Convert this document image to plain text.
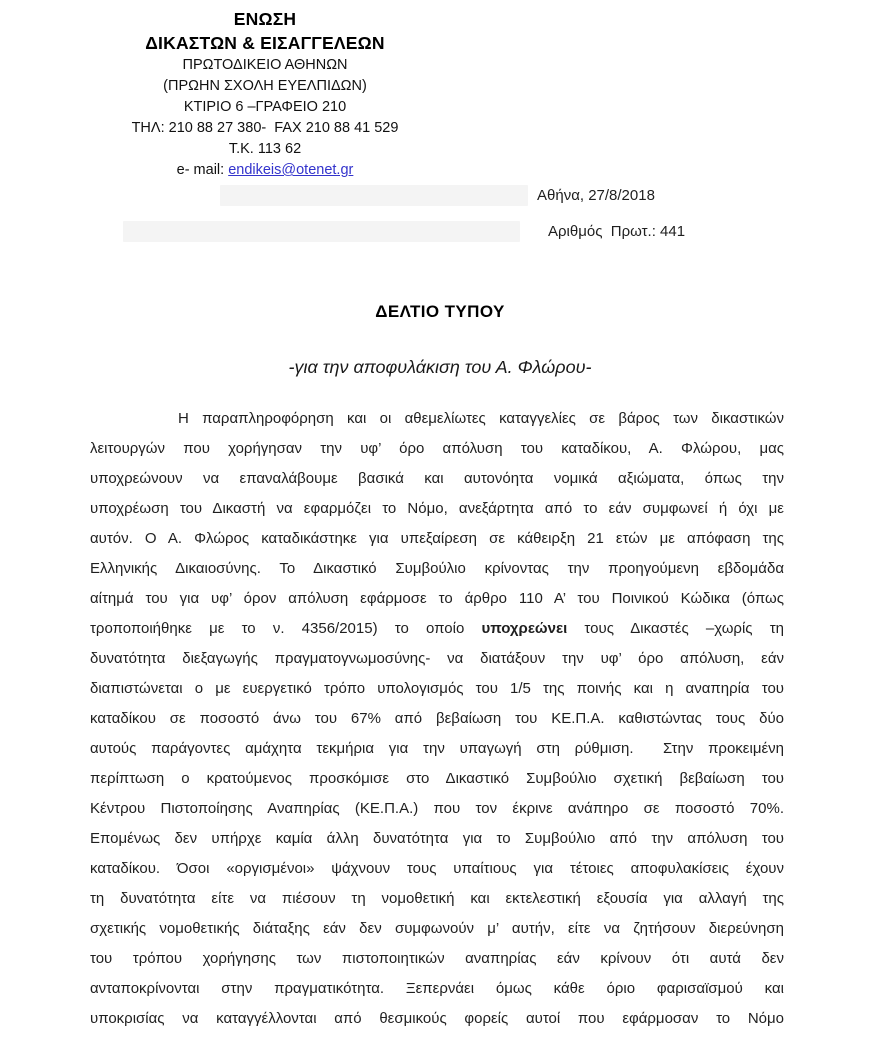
ΕΝΩΣΗ
ΔΙΚΑΣΤΩΝ & ΕΙΣΑΓΓΕΛΕΩΝ
ΠΡΩΤΟΔΙΚΕΙΟ ΑΘΗΝΩΝ
(ΠΡΩΗΝ ΣΧΟΛΗ ΕΥΕΛΠΙΔΩΝ)
ΚΤΙΡΙΟ 6 –ΓΡΑΦΕΙΟ 210
ΤΗΛ: 210 88 27 380-  FAX 210 88 41 529
Τ.Κ. 113 62
e- mail: endikeis@otenet.gr
Αθήνα, 27/8/2018
Αριθμός  Πρωτ.: 441
ΔΕΛΤΙΟ ΤΥΠΟΥ
-για την αποφυλάκιση του Α. Φλώρου-
Η παραπληροφόρηση και οι αθεμελίωτες καταγγελίες σε βάρος των δικαστικών
λειτουργών που χορήγησαν την υφ’ όρο απόλυση του καταδίκου, Α. Φλώρου, μας
υποχρεώνουν να επαναλάβουμε βασικά και αυτονόητα νομικά αξιώματα, όπως την
υποχρέωση του Δικαστή να εφαρμόζει το Νόμο, ανεξάρτητα από το εάν συμφωνεί ή όχι με
αυτόν. Ο Α. Φλώρος καταδικάστηκε για υπεξαίρεση σε κάθειρξη 21 ετών με απόφαση της
Ελληνικής Δικαιοσύνης. Το Δικαστικό Συμβούλιο κρίνοντας την προηγούμενη εβδομάδα
αίτημά του για υφ’ όρον απόλυση εφάρμοσε το άρθρο 110 Α’ του Ποινικού Κώδικα (όπως
τροποποιήθηκε με το ν. 4356/2015) το οποίο υποχρεώνει τους Δικαστές –χωρίς τη
δυνατότητα διεξαγωγής πραγματογνωμοσύνης- να διατάξουν την υφ’ όρο απόλυση, εάν
διαπιστώνεται ο με ευεργετικό τρόπο υπολογισμός του 1/5 της ποινής και η αναπηρία του
καταδίκου σε ποσοστό άνω του 67% από βεβαίωση του ΚΕ.Π.Α. καθιστώντας τους δύο
αυτούς παράγοντες αμάχητα τεκμήρια για την υπαγωγή στη ρύθμιση.  Στην προκειμένη
περίπτωση ο κρατούμενος προσκόμισε στο Δικαστικό Συμβούλιο σχετική βεβαίωση του
Κέντρου Πιστοποίησης Αναπηρίας (ΚΕ.Π.Α.) που τον έκρινε ανάπηρο σε ποσοστό 70%.
Επομένως δεν υπήρχε καμία άλλη δυνατότητα για το Συμβούλιο από την απόλυση του
καταδίκου. Όσοι «οργισμένοι» ψάχνουν τους υπαίτιους για τέτοιες αποφυλακίσεις έχουν
τη δυνατότητα είτε να πιέσουν τη νομοθετική και εκτελεστική εξουσία για αλλαγή της
σχετικής νομοθετικής διάταξης εάν δεν συμφωνούν μ’ αυτήν, είτε να ζητήσουν διερεύνηση
του τρόπου χορήγησης των πιστοποιητικών αναπηρίας εάν κρίνουν ότι αυτά δεν
ανταποκρίνονται στην πραγματικότητα. Ξεπερνάει όμως κάθε όριο φαρισαϊσμού και
υποκρισίας να καταγγέλλονται από θεσμικούς φορείς αυτοί που εφάρμοσαν το Νόμο
